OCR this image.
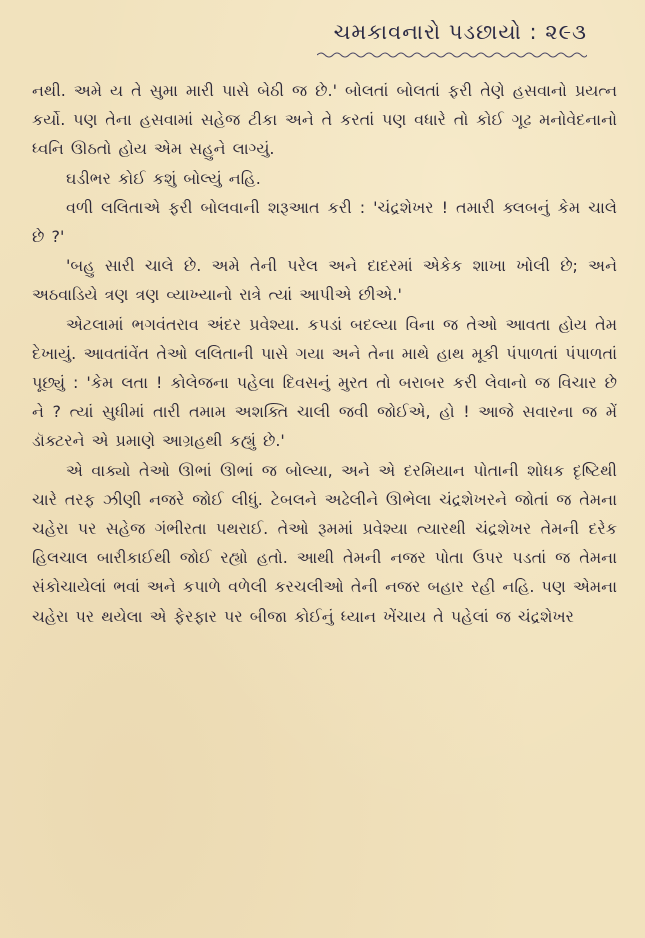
ચમકાવનારો પડછાયો : ૨૯૩

નથી. અમે ય તે સુમા મારી પાસે બેઠી જ છે.' બોલતાં બોલતાં ફરી તેણે હસવાનો પ્રયત્ન કર્યો. પણ તેના હસવામાં સહેજ ટીકા અને તે કરતાં પણ વધારે તો કોઈ ગૂઢ મનોવેદનાનો ધ્વનિ ઊઠતો હોય એમ સહુને લાગ્યું.

ઘડીભર કોઈ કશું બોલ્યું નહિ.

વળી લલિતાએ ફરી બોલવાની શરૂઆત કરી : 'ચંદ્રશેખર ! તમારી ક્લબનું કેમ ચાલે છે ?'

'બહુ સારી ચાલે છે. અમે તેની પરેલ અને દાદરમાં એકેક શાખા ખોલી છે; અને અઠવાડિયે ત્રણ ત્રણ વ્યાખ્યાનો રાત્રે ત્યાં આપીએ છીએ.'

એટલામાં ભગવંતરાવ અંદર પ્રવેશ્યા. કપડાં બદલ્યા વિના જ તેઓ આવતા હોય તેમ દેખાયું. આવતાંવેંત તેઓ લલિતાની પાસે ગયા અને તેના માથે હાથ મૂકી પંપાળતાં પંપાળતાં પૂછ્યું : 'કેમ લતા ! કોલેજના પહેલા દિવસનું મુરત તો બરાબર કરી લેવાનો જ વિચાર છે ને ? ત્યાં સુધીમાં તારી તમામ અશક્તિ ચાલી જવી જોઈએ, હો ! આજે સવારના જ મેં ડૉક્ટરને એ પ્રમાણે આગ્રહથી કહ્યું છે.'

એ વાક્યો તેઓ ઊભાં ઊભાં જ બોલ્યા, અને એ દરમિયાન પોતાની શોધક દૃષ્ટિથી ચારે તરફ ઝીણી નજરે જોઈ લીધું. ટેબલને અઢેલીને ઊભેલા ચંદ્રશેખરને જોતાં જ તેમના ચહેરા પર સહેજ ગંભીરતા પથરાઈ. તેઓ રૂમમાં પ્રવેશ્યા ત્યારથી ચંદ્રશેખર તેમની દરેક હિલચાલ બારીકાઈથી જોઈ રહ્યો હતો. આથી તેમની નજર પોતા ઉપર પડતાં જ તેમના સંકોચાયેલાં ભવાં અને કપાળે વળેલી કરચલીઓ તેની નજર બહાર રહી નહિ. પણ એમના ચહેરા પર થયેલા એ ફેરફાર પર બીજા કોઈનું ધ્યાન ખેંચાય તે પહેલાં જ ચંદ્રશેખર
